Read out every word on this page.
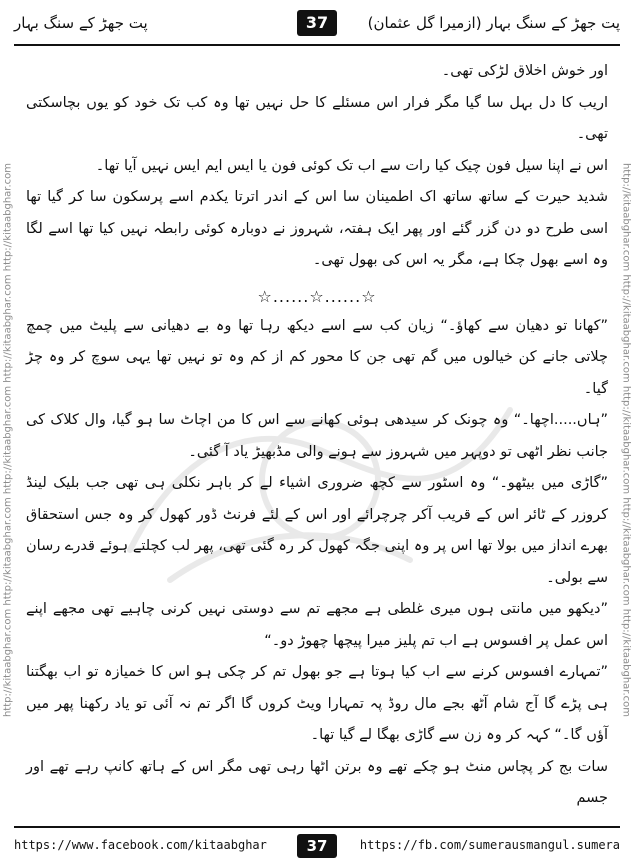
پت جھڑ کے سنگ بہار	37	پت جھڑ کے سنگ بہار (ازمیرا گل عثمان)
http://kitaabghar.com http://kitaabghar.com http://kitaabghar.com http://kitaabghar.com http://kitaabghar.com	http://kitaabghar.com http://kitaabghar.com http://kitaabghar.com http://kitaabghar.com http://kitaabghar.com

اور خوش اخلاق لڑکی تھی۔

اریب کا دل بہل سا گیا مگر فرار اس مسئلے کا حل نہیں تھا وہ کب تک خود کو یوں بچاسکتی تھی۔

اس نے اپنا سیل فون چیک کیا رات سے اب تک کوئی فون یا ایس ایم ایس نہیں آیا تھا۔

شدید حیرت کے ساتھ ساتھ اک اطمینان سا اس کے اندر اترتا یکدم اسے پرسکون سا کر گیا تھا اسی طرح دو دن گزر گئے اور پھر ایک ہفتہ، شہروز نے دوبارہ کوئی رابطہ نہیں کیا تھا اسے لگا وہ اسے بھول چکا ہے، مگر یہ اس کی بھول تھی۔

☆......☆......☆

”کھانا تو دھیان سے کھاؤ۔“ زیان کب سے اسے دیکھ رہا تھا وہ بے دھیانی سے پلیٹ میں چمچ چلاتی جانے کن خیالوں میں گم تھی جن کا محور کم از کم وہ تو نہیں تھا یہی سوچ کر وہ چڑ گیا۔

”ہاں.....اچھا۔“ وہ چونک کر سیدھی ہوئی کھانے سے اس کا من اچاٹ سا ہو گیا، وال کلاک کی جانب نظر اٹھی تو دوپہر میں شہروز سے ہونے والی مڈبھیڑ یاد آ گئی۔

”گاڑی میں بیٹھو۔“ وہ اسٹور سے کچھ ضروری اشیاء لے کر باہر نکلی ہی تھی جب بلیک لینڈ کروزر کے ٹائر اس کے قریب آکر چرچرائے اور اس کے لئے فرنٹ ڈور کھول کر وہ جس استحقاق بھرے انداز میں بولا تھا اس پر وہ اپنی جگہ کھول کر رہ گئی تھی، پھر لب کچلتے ہوئے قدرے رسان سے بولی۔

”دیکھو میں مانتی ہوں میری غلطی ہے مجھے تم سے دوستی نہیں کرنی چاہیے تھی مجھے اپنے اس عمل پر افسوس ہے اب تم پلیز میرا پیچھا چھوڑ دو۔“

”تمہارے افسوس کرنے سے اب کیا ہوتا ہے جو بھول تم کر چکی ہو اس کا خمیازہ تو اب بھگتنا ہی پڑے گا آج شام آٹھ بجے مال روڈ پہ تمہارا ویٹ کروں گا اگر تم نہ آئی تو یاد رکھنا پھر میں آؤں گا۔“ کہہ کر وہ زن سے گاڑی بھگا لے گیا تھا۔

سات بج کر پچاس منٹ ہو چکے تھے وہ برتن اٹھا رہی تھی مگر اس کے ہاتھ کانپ رہے تھے اور جسم

https://www.facebook.com/kitaabghar	37	https://fb.com/sumerausmangul.sumera
